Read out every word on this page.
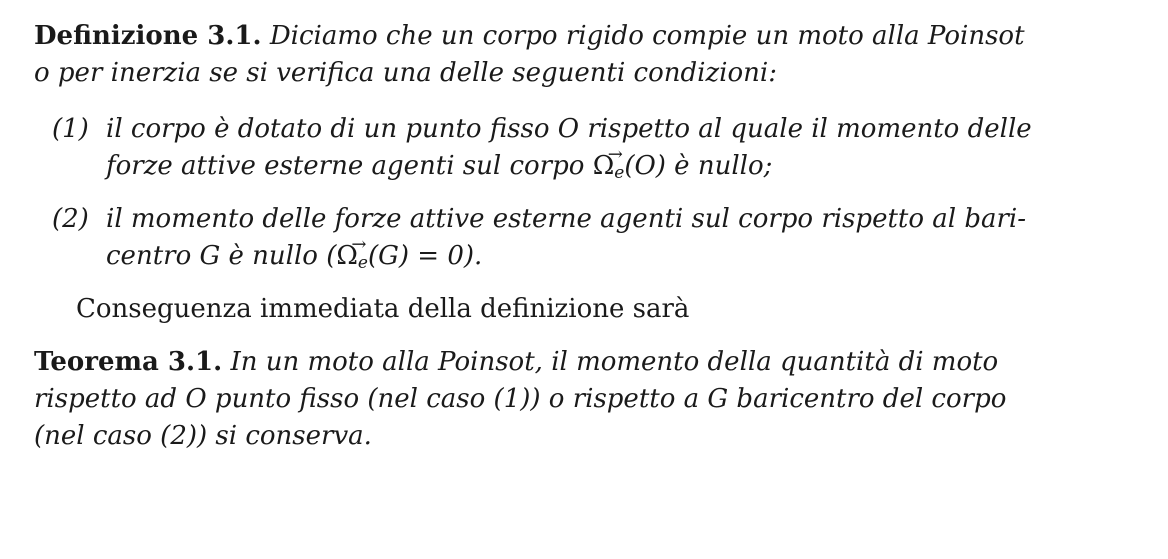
Definizione 3.1. Diciamo che un corpo rigido compie un moto alla Poinsot
o per inerzia se si verifica una delle seguenti condizioni:
(1) il corpo è dotato di un punto fisso O rispetto al quale il momento delle
forze attive esterne agenti sul corpo Ω
→
$_e$(O) è nullo;
(2) il momento delle forze attive esterne agenti sul corpo rispetto al bari-
centro G è nullo (Ω
→
$_e$(G) = 0).
Conseguenza immediata della definizione sarà
Teorema 3.1. In un moto alla Poinsot, il momento della quantità di moto
rispetto ad O punto fisso (nel caso (1)) o rispetto a G baricentro del corpo
(nel caso (2)) si conserva.
